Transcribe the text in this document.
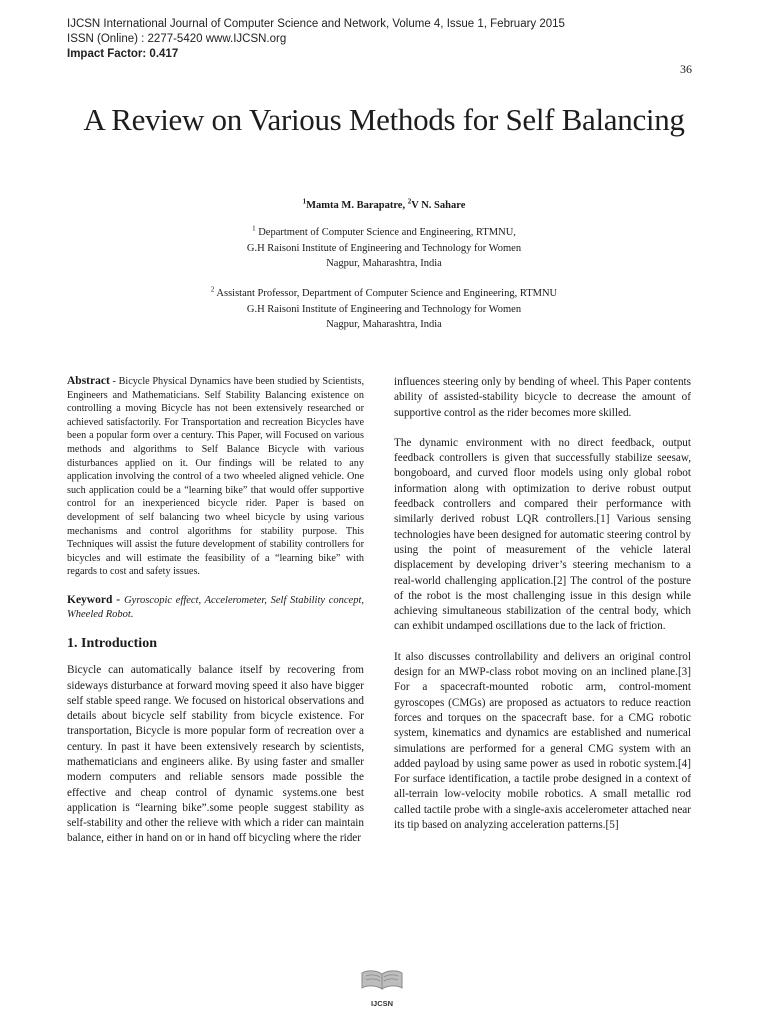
IJCSN International Journal of Computer Science and Network, Volume 4, Issue 1, February 2015
ISSN (Online) : 2277-5420 www.IJCSN.org
Impact Factor: 0.417
36
A Review on Various Methods for Self Balancing
$^1$Mamta M. Barapatre, $^2$V N. Sahare
$^1$ Department of Computer Science and Engineering, RTMNU,
G.H Raisoni Institute of Engineering and Technology for Women
Nagpur, Maharashtra, India
$^2$ Assistant Professor, Department of Computer Science and Engineering, RTMNU
G.H Raisoni Institute of Engineering and Technology for Women
Nagpur, Maharashtra, India

Abstract - Bicycle Physical Dynamics have been studied by Scientists, Engineers and Mathematicians. Self Stability Balancing existence on controlling a moving Bicycle has not been extensively researched or achieved satisfactorily. For Transportation and recreation Bicycles have been a popular form over a century. This Paper, will Focused on various methods and algorithms to Self Balance Bicycle with various disturbances applied on it. Our findings will be related to any application involving the control of a two wheeled aligned vehicle. One such application could be a “learning bike” that would offer supportive control for an inexperienced bicycle rider. Paper is based on development of self balancing two wheel bicycle by using various mechanisms and control algorithms for stability purpose. This Techniques will assist the future development of stability controllers for bicycles and will estimate the feasibility of a “learning bike” with regards to cost and safety issues.

Keyword - Gyroscopic effect, Accelerometer, Self Stability concept, Wheeled Robot.

1. Introduction

Bicycle can automatically balance itself by recovering from sideways disturbance at forward moving speed it also have bigger self stable speed range. We focused on historical observations and details about bicycle self stability from bicycle existence. For transportation, Bicycle is more popular form of recreation over a century. In past it have been extensively research by scientists, mathematicians and engineers alike. By using faster and smaller modern computers and reliable sensors made possible the effective and cheap control of dynamic systems.one best application is “learning bike”.some people suggest stability as self-stability and other the relieve with which a rider can maintain balance, either in hand on or in hand off bicycling where the rider

influences steering only by bending of wheel. This Paper contents ability of assisted-stability bicycle to decrease the amount of supportive control as the rider becomes more skilled.

The dynamic environment with no direct feedback, output feedback controllers is given that successfully stabilize seesaw, bongoboard, and curved floor models using only global robot information along with optimization to derive robust output feedback controllers and compared their performance with similarly derived robust LQR controllers.[1] Various sensing technologies have been designed for automatic steering control by using the point of measurement of the vehicle lateral displacement by developing driver’s steering mechanism to a real-world challenging application.[2] The control of the posture of the robot is the most challenging issue in this design while achieving simultaneous stabilization of the central body, which can exhibit undamped oscillations due to the lack of friction.

It also discusses controllability and delivers an original control design for an MWP-class robot moving on an inclined plane.[3] For a spacecraft-mounted robotic arm, control-moment gyroscopes (CMGs) are proposed as actuators to reduce reaction forces and torques on the spacecraft base. for a CMG robotic system, kinematics and dynamics are established and numerical simulations are performed for a general CMG system with an added payload by using same power as used in robotic system.[4] For surface identification, a tactile probe designed in a context of all-terrain low-velocity mobile robotics. A small metallic rod called tactile probe with a single-axis accelerometer attached near its tip based on analyzing acceleration patterns.[5]

IJCSN
